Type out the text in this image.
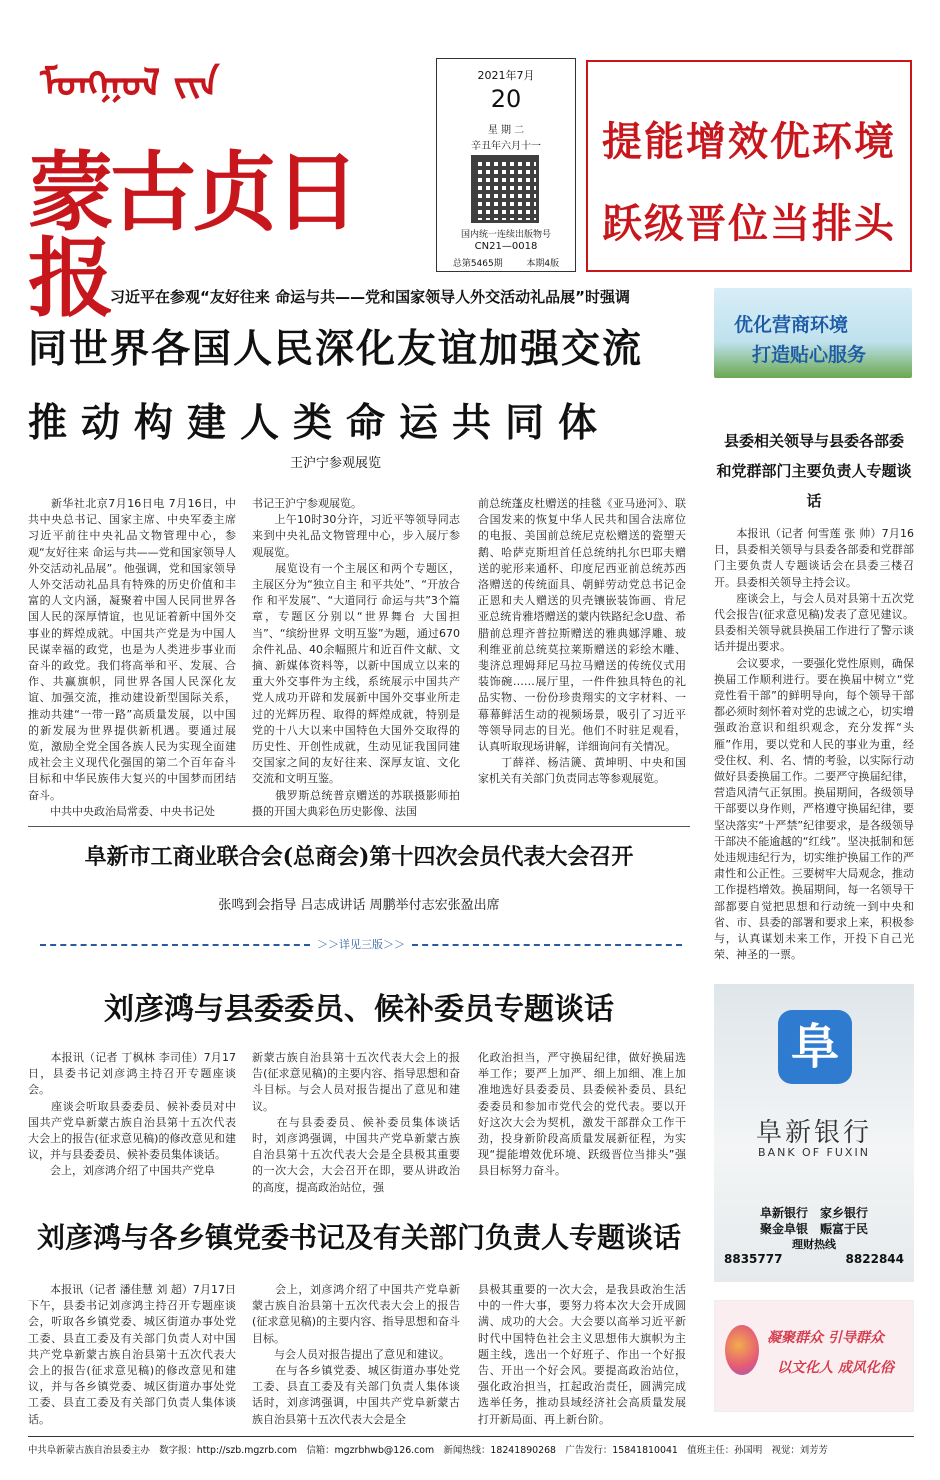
ᠮᠣᠩᠭᠣᠯ ᠵᠢᠨ
蒙古贞日报
2021年7月
20
星 期 二
辛丑年六月十一
国内统一连续出版物号
CN21—0018
总第5465期	本期4版
提能增效优环境
跃级晋位当排头
习近平在参观“友好往来 命运与共——党和国家领导人外交活动礼品展”时强调
同世界各国人民深化友谊加强交流
推动构建人类命运共同体
王沪宁参观展览
　　新华社北京7月16日电 7月16日，中共中央总书记、国家主席、中央军委主席习近平前往中央礼品文物管理中心，参观“友好往来 命运与共——党和国家领导人外交活动礼品展”。他强调，党和国家领导人外交活动礼品具有特殊的历史价值和丰富的人文内涵，凝聚着中国人民同世界各国人民的深厚情谊，也见证着新中国外交事业的辉煌成就。中国共产党是为中国人民谋幸福的政党，也是为人类进步事业而奋斗的政党。我们将高举和平、发展、合作、共赢旗帜，同世界各国人民深化友谊、加强交流，推动建设新型国际关系，推动共建“一带一路”高质量发展，以中国的新发展为世界提供新机遇。要通过展览，激励全党全国各族人民为实现全面建成社会主义现代化强国的第二个百年奋斗目标和中华民族伟大复兴的中国梦而团结奋斗。
　　中共中央政治局常委、中央书记处
书记王沪宁参观展览。
　　上午10时30分许，习近平等领导同志来到中央礼品文物管理中心，步入展厅参观展览。
　　展览设有一个主展区和两个专题区，主展区分为“独立自主 和平共处”、“开放合作 和平发展”、“大道同行 命运与共”3个篇章，专题区分别以“世界舞台 大国担当”、“缤纷世界 文明互鉴”为题，通过670余件礼品、40余幅照片和近百件文献、文摘、新媒体资料等，以新中国成立以来的重大外交事件为主线，系统展示中国共产党人成功开辟和发展新中国外交事业所走过的光辉历程、取得的辉煌成就，特别是党的十八大以来中国特色大国外交取得的历史性、开创性成就，生动见证我国同建交国家之间的友好往来、深厚友谊、文化交流和文明互鉴。
　　俄罗斯总统普京赠送的苏联摄影师拍摄的开国大典彩色历史影像、法国
前总统蓬皮杜赠送的挂毯《亚马逊河》、联合国发来的恢复中华人民共和国合法席位的电报、美国前总统尼克松赠送的瓷塑天鹅、哈萨克斯坦首任总统纳扎尔巴耶夫赠送的驼形来通杯、印度尼西亚前总统苏西洛赠送的传统面具、朝鲜劳动党总书记金正恩和夫人赠送的贝壳镶嵌装饰画、肯尼亚总统肯雅塔赠送的蒙内铁路纪念U盘、希腊前总理齐普拉斯赠送的雅典娜浮雕、玻利维亚前总统莫拉莱斯赠送的彩绘木雕、斐济总理姆拜尼马拉马赠送的传统仪式用装饰碗……展厅里，一件件独具特色的礼品实物、一份份珍贵翔实的文字材料、一幕幕鲜活生动的视频场景，吸引了习近平等领导同志的目光。他们不时驻足观看，认真听取现场讲解，详细询问有关情况。
　　丁薛祥、杨洁篪、黄坤明、中央和国家机关有关部门负责同志等参观展览。
优化营商环境
打造贴心服务
县委相关领导与县委各部委
和党群部门主要负责人专题谈话
　　本报讯（记者 何雪莲 张 帅）7月16日，县委相关领导与县委各部委和党群部门主要负责人专题谈话会在县委三楼召开。县委相关领导主持会议。
　　座谈会上，与会人员对县第十五次党代会报告(征求意见稿)发表了意见建议。县委相关领导就县换届工作进行了警示谈话并提出要求。
　　会议要求，一要强化党性原则，确保换届工作顺利进行。要在换届中树立“党竞性看干部”的鲜明导向，每个领导干部都必须时刻怀着对党的忠诚之心，切实增强政治意识和组织观念，充分发挥“头雁”作用，要以党和人民的事业为重，经受住权、利、名、情的考验，以实际行动做好县委换届工作。二要严守换届纪律，营造风清气正氛围。换届期间，各级领导干部要以身作则，严格遵守换届纪律，要坚决落实“十严禁”纪律要求，是各级领导干部决不能逾越的“红线”。坚决抵制和惩处违规违纪行为，切实维护换届工作的严肃性和公正性。三要树牢大局观念，推动工作提档增效。换届期间，每一名领导干部都要自觉把思想和行动统一到中央和省、市、县委的部署和要求上来，积极参与，认真谋划未来工作，开投下自己光荣、神圣的一票。
阜新市工商业联合会(总商会)第十四次会员代表大会召开
张鸣到会指导 吕志成讲话 周鹏举付志宏张盈出席
＞＞详见三版＞＞
刘彦鸿与县委委员、候补委员专题谈话
　　本报讯（记者 丁枫林 李司佳）7月17日，县委书记刘彦鸿主持召开专题座谈会。
　　座谈会听取县委委员、候补委员对中国共产党阜新蒙古族自治县第十五次代表大会上的报告(征求意见稿)的修改意见和建议，并与县委委员、候补委员集体谈话。
　　会上，刘彦鸿介绍了中国共产党阜
新蒙古族自治县第十五次代表大会上的报告(征求意见稿)的主要内容、指导思想和奋斗目标。与会人员对报告提出了意见和建议。
　　在与县委委员、候补委员集体谈话时，刘彦鸿强调，中国共产党阜新蒙古族自治县第十五次代表大会是全县极其重要的一次大会，大会召开在即，要从讲政治的高度，提高政治站位，强
化政治担当，严守换届纪律，做好换届选举工作；要严上加严、细上加细、准上加准地选好县委委员、县委候补委员、县纪委委员和参加市党代会的党代表。要以开好这次大会为契机，激发干部群众工作干劲，投身新阶段高质量发展新征程，为实现“提能增效优环境、跃级晋位当排头”强县目标努力奋斗。
刘彦鸿与各乡镇党委书记及有关部门负责人专题谈话
　　本报讯（记者 潘佳慧 刘 超）7月17日下午，县委书记刘彦鸿主持召开专题座谈会，听取各乡镇党委、城区街道办事处党工委、县直工委及有关部门负责人对中国共产党阜新蒙古族自治县第十五次代表大会上的报告(征求意见稿)的修改意见和建议，并与各乡镇党委、城区街道办事处党工委、县直工委及有关部门负责人集体谈话。
　　会上，刘彦鸿介绍了中国共产党阜新蒙古族自治县第十五次代表大会上的报告(征求意见稿)的主要内容、指导思想和奋斗目标。
　　与会人员对报告提出了意见和建议。
　　在与各乡镇党委、城区街道办事处党工委、县直工委及有关部门负责人集体谈话时，刘彦鸿强调，中国共产党阜新蒙古族自治县第十五次代表大会是全
县极其重要的一次大会，是我县政治生活中的一件大事，要努力将本次大会开成圆满、成功的大会。大会要以高举习近平新时代中国特色社会主义思想伟大旗帜为主题主线，选出一个好班子、作出一个好报告、开出一个好会风。要提高政治站位，强化政治担当，扛起政治责任，圆满完成选举任务，推动县域经济社会高质量发展打开新局面、再上新台阶。
阜
阜新银行
BANK OF FUXIN
阜新银行　家乡银行
聚金阜银　赈富于民
理财热线
8835777	8822844
凝聚群众 引导群众
以文化人 成风化俗
中共阜新蒙古族自治县委主办　数字报：http://szb.mgzrb.com　信箱：mgzrbhwb@126.com　新闻热线：18241890268　广告发行：15841810041　值班主任：孙国明　视觉：刘芳芳
